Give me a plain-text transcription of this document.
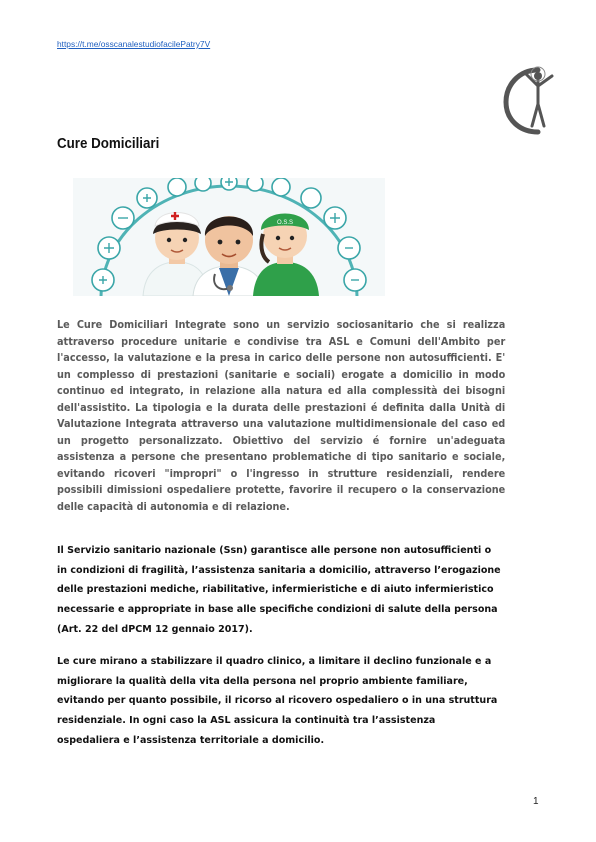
https://t.me/osscanalestudiofacilePatry7V
Cure Domiciliari
O.S.S

Le Cure Domiciliari Integrate sono un servizio sociosanitario che si realizza attraverso procedure unitarie e condivise tra ASL e Comuni dell'Ambito per l'accesso, la valutazione e la presa in carico delle persone non autosufficienti. E' un complesso di prestazioni (sanitarie e sociali) erogate a domicilio in modo continuo ed integrato, in relazione alla natura ed alla complessità dei bisogni dell'assistito. La tipologia e la durata delle prestazioni é definita dalla Unità di Valutazione Integrata attraverso una valutazione multidimensionale del caso ed un progetto personalizzato. Obiettivo del servizio é fornire un'adeguata assistenza a persone che presentano problematiche di tipo sanitario e sociale, evitando ricoveri "impropri" o l'ingresso in strutture residenziali, rendere possibili dimissioni ospedaliere protette, favorire il recupero o la conservazione delle capacità di autonomia e di relazione.

Il Servizio sanitario nazionale (Ssn) garantisce alle persone non autosufficienti o in condizioni di fragilità, l’assistenza sanitaria a domicilio, attraverso l’erogazione delle prestazioni mediche, riabilitative, infermieristiche e di aiuto infermieristico necessarie e appropriate in base alle specifiche condizioni di salute della persona (Art. 22 del dPCM 12 gennaio 2017).

Le cure mirano a stabilizzare il quadro clinico, a limitare il declino funzionale e a migliorare la qualità della vita della persona nel proprio ambiente familiare, evitando per quanto possibile, il ricorso al ricovero ospedaliero o in una struttura residenziale. In ogni caso la ASL assicura la continuità tra l’assistenza ospedaliera e l’assistenza territoriale a domicilio.

1
